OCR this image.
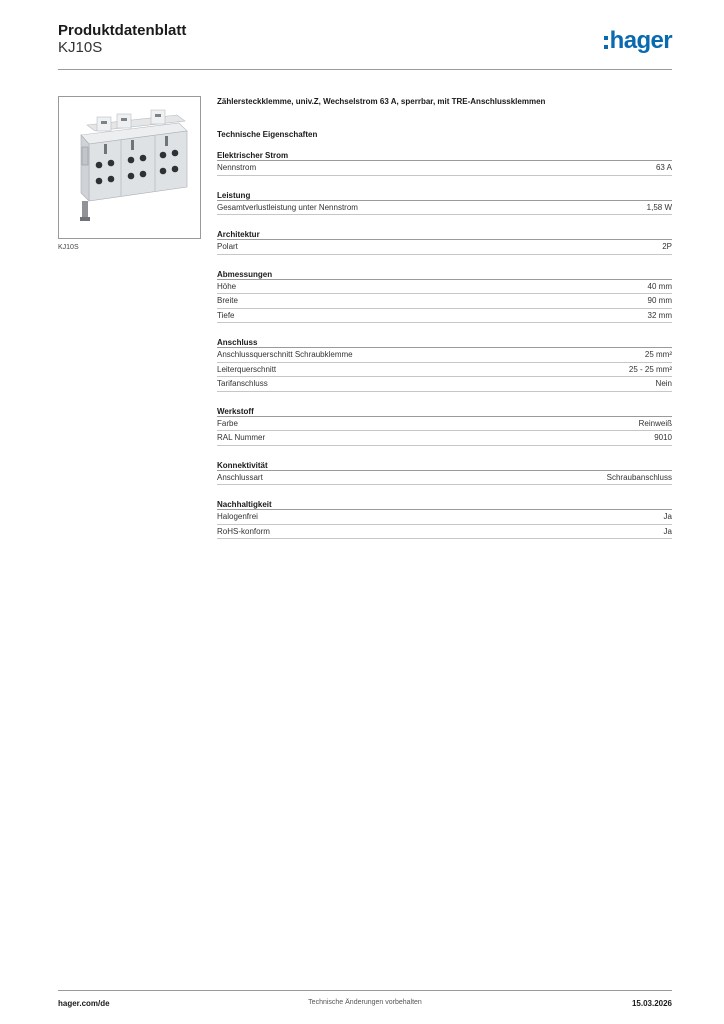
Produktdatenblatt
KJ10S	hager
KJ10S
Zählersteckklemme, univ.Z, Wechselstrom 63 A, sperrbar, mit TRE-Anschlussklemmen
Technische Eigenschaften
Elektrischer Strom
Nennstrom	63 A
Leistung
Gesamtverlustleistung unter Nennstrom	1,58 W
Architektur
Polart	2P
Abmessungen
Höhe	40 mm
Breite	90 mm
Tiefe	32 mm
Anschluss
Anschlussquerschnitt Schraubklemme	25 mm²
Leiterquerschnitt	25 - 25 mm²
Tarifanschluss	Nein
Werkstoff
Farbe	Reinweiß
RAL Nummer	9010
Konnektivität
Anschlussart	Schraubanschluss
Nachhaltigkeit
Halogenfrei	Ja
RoHS-konform	Ja
hager.com/de	Technische Änderungen vorbehalten	15.03.2026
